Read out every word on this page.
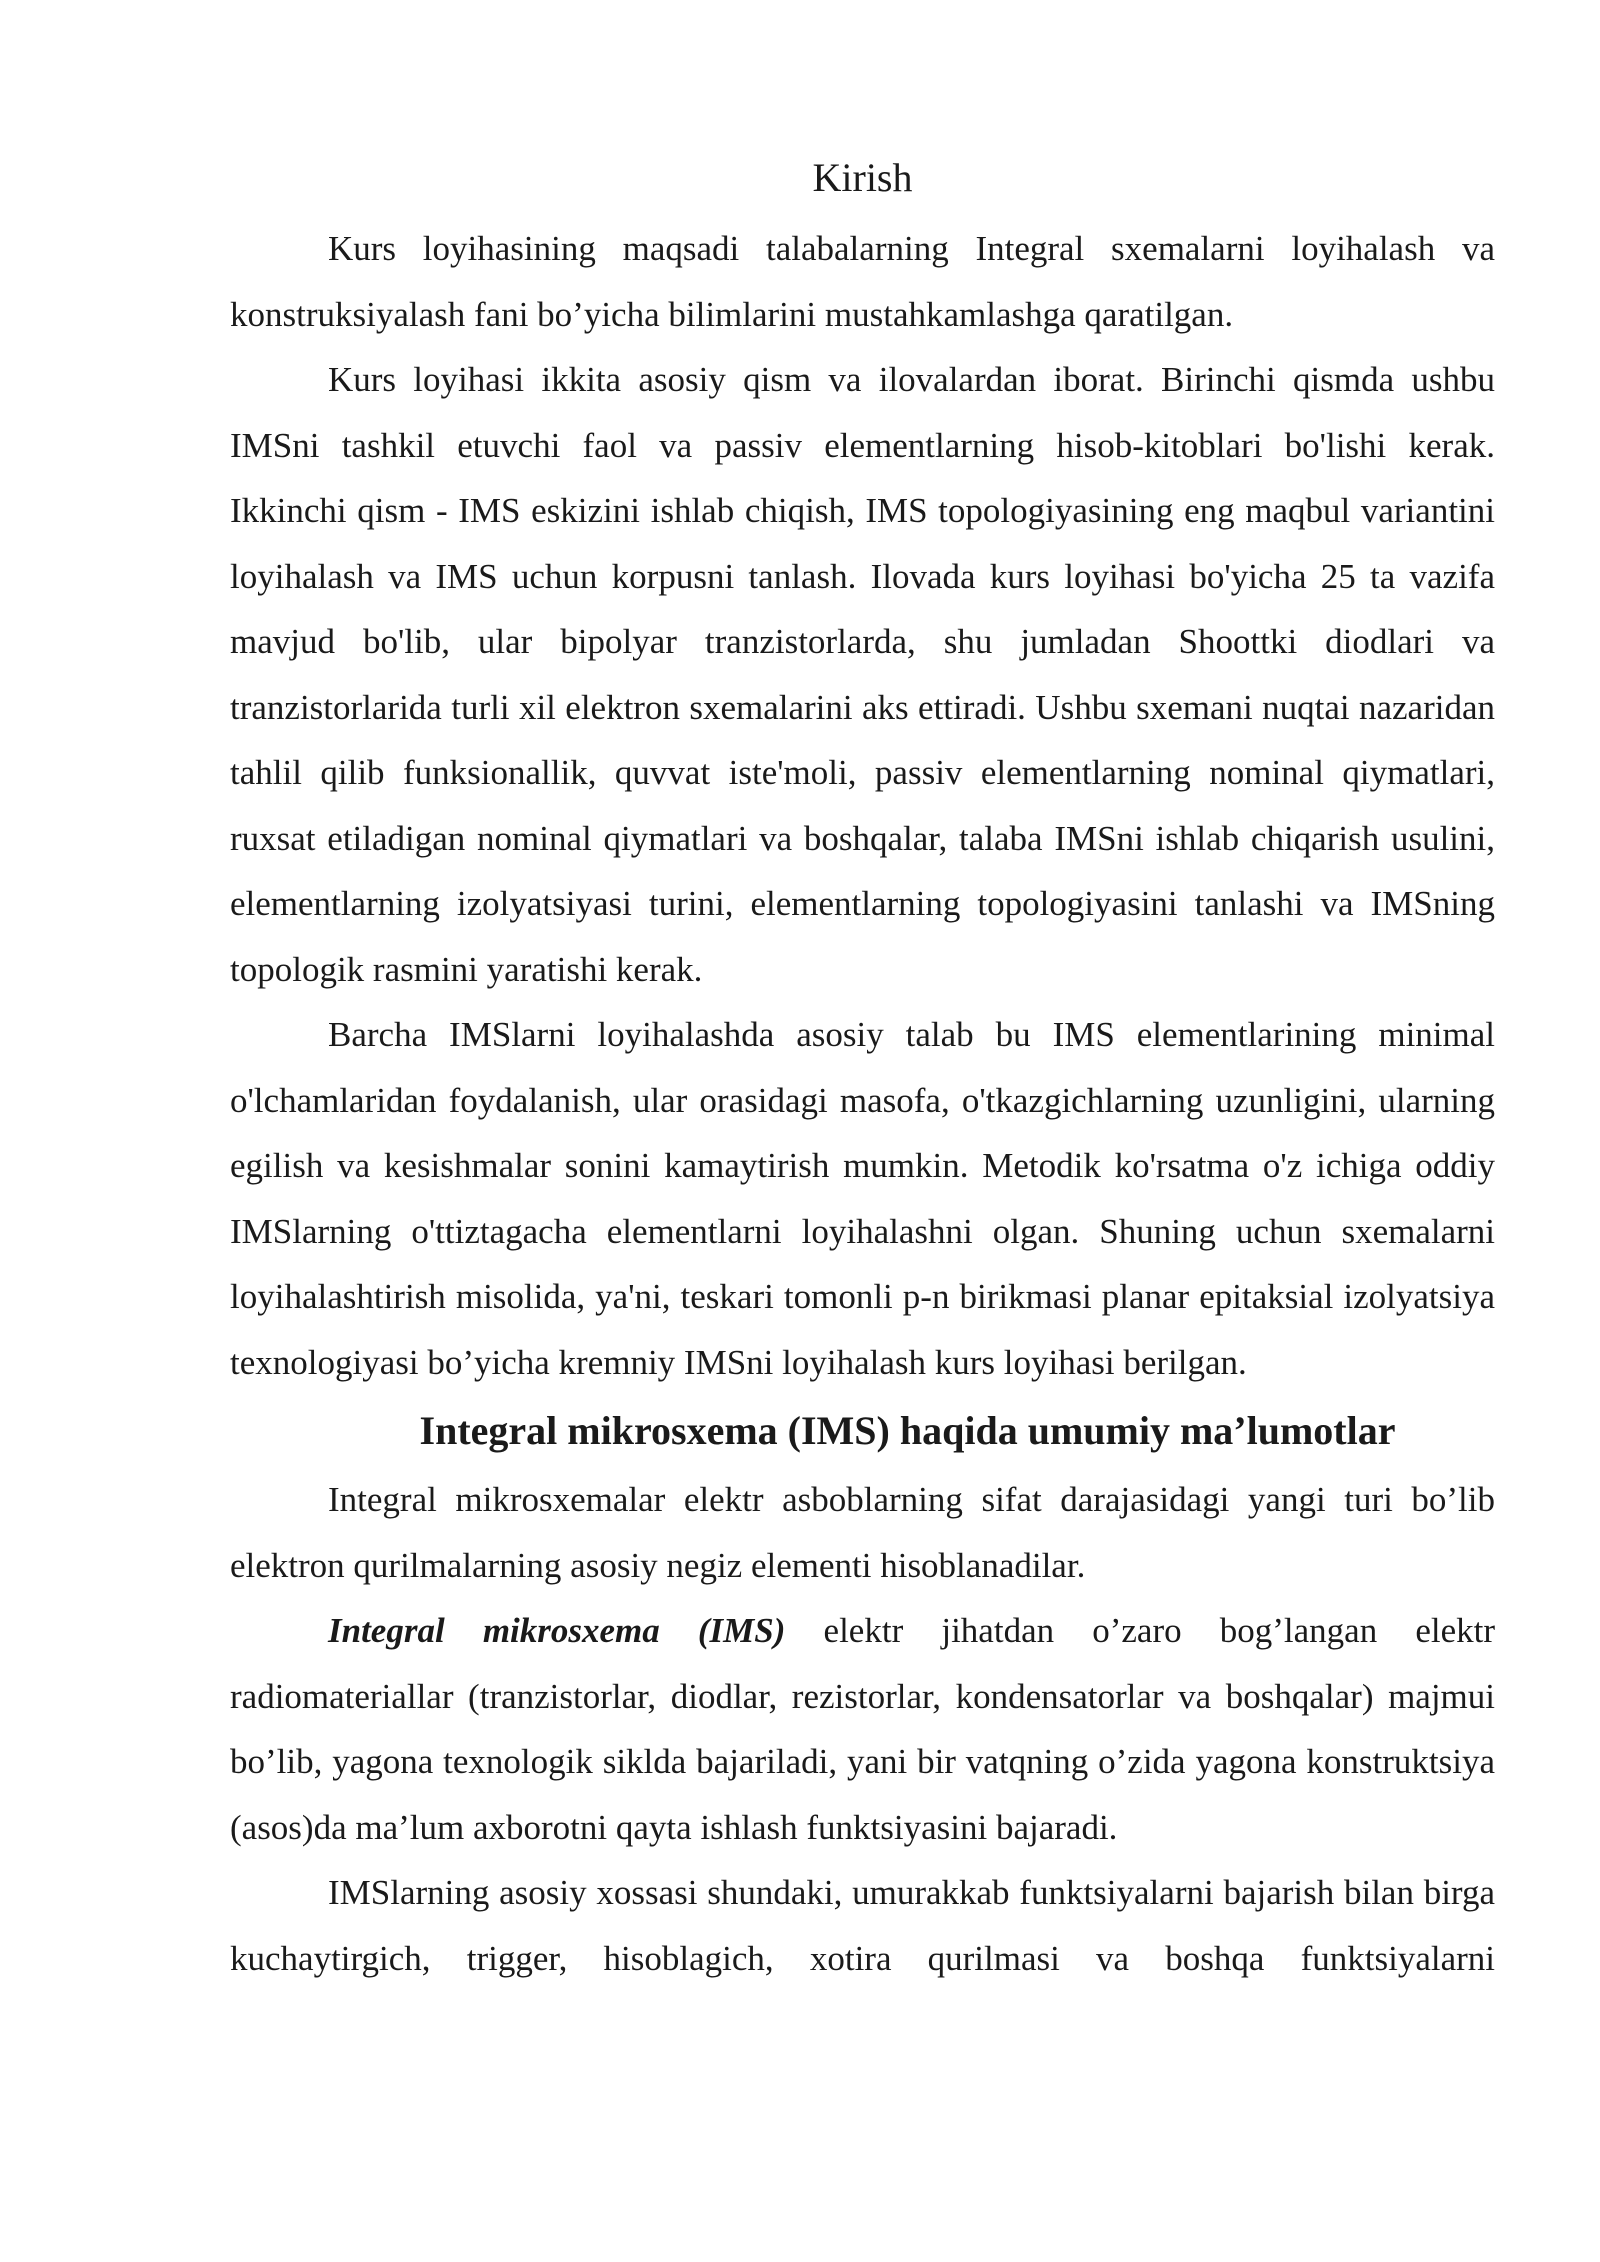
Kirish

Kurs loyihasining maqsadi talabalarning Integral sxemalarni loyihalash va konstruksiyalash fani bo’yicha bilimlarini mustahkamlashga qaratilgan.

Kurs loyihasi ikkita asosiy qism va ilovalardan iborat. Birinchi qismda ushbu IMSni tashkil etuvchi faol va passiv elementlarning hisob-kitoblari bo'lishi kerak. Ikkinchi qism - IMS eskizini ishlab chiqish, IMS topologiyasining eng maqbul variantini loyihalash va IMS uchun korpusni tanlash. Ilovada kurs loyihasi bo'yicha 25 ta vazifa mavjud bo'lib, ular bipolyar tranzistorlarda, shu jumladan Shoottki diodlari va tranzistorlarida turli xil elektron sxemalarini aks ettiradi. Ushbu sxemani nuqtai nazaridan tahlil qilib funksionallik, quvvat iste'moli, passiv elementlarning nominal qiymatlari, ruxsat etiladigan nominal qiymatlari va boshqalar, talaba IMSni ishlab chiqarish usulini, elementlarning izolyatsiyasi turini, elementlarning topologiyasini tanlashi va IMSning topologik rasmini yaratishi kerak.

Barcha IMSlarni loyihalashda asosiy talab bu IMS elementlarining minimal o'lchamlaridan foydalanish, ular orasidagi masofa, o'tkazgichlarning uzunligini, ularning egilish va kesishmalar sonini kamaytirish mumkin. Metodik ko'rsatma o'z ichiga oddiy IMSlarning o'ttiztagacha elementlarni loyihalashni olgan. Shuning uchun sxemalarni loyihalashtirish misolida, ya'ni, teskari tomonli p-n birikmasi planar epitaksial izolyatsiya texnologiyasi bo’yicha kremniy IMSni loyihalash kurs loyihasi berilgan.

Integral mikrosxema (IMS) haqida umumiy ma’lumotlar

Integral mikrosxemalar elektr asboblarning sifat darajasidagi yangi turi bo’lib elektron qurilmalarning asosiy negiz elementi hisoblanadilar.

Integral mikrosxema (IMS) elektr jihatdan o’zaro bog’langan elektr radiomateriallar (tranzistorlar, diodlar, rezistorlar, kondensatorlar va boshqalar) majmui bo’lib, yagona texnologik siklda bajariladi, yani bir vatqning o’zida yagona konstruktsiya (asos)da ma’lum axborotni qayta ishlash funktsiyasini bajaradi.

IMSlarning asosiy xossasi shundaki, umurakkab funktsiyalarni bajarish bilan birga kuchaytirgich, trigger, hisoblagich, xotira qurilmasi va boshqa funktsiyalarni
